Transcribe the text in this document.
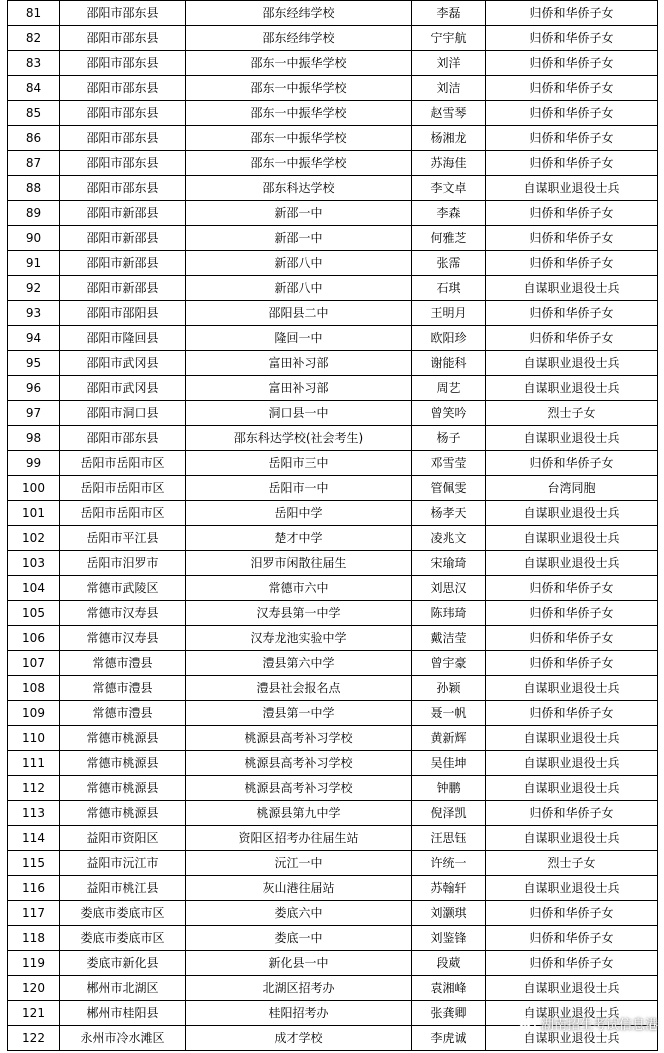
81	邵阳市邵东县	邵东经纬学校	李磊	归侨和华侨子女
82	邵阳市邵东县	邵东经纬学校	宁宇航	归侨和华侨子女
83	邵阳市邵东县	邵东一中振华学校	刘洋	归侨和华侨子女
84	邵阳市邵东县	邵东一中振华学校	刘洁	归侨和华侨子女
85	邵阳市邵东县	邵东一中振华学校	赵雪琴	归侨和华侨子女
86	邵阳市邵东县	邵东一中振华学校	杨湘龙	归侨和华侨子女
87	邵阳市邵东县	邵东一中振华学校	苏海佳	归侨和华侨子女
88	邵阳市邵东县	邵东科达学校	李文卓	自谋职业退役士兵
89	邵阳市新邵县	新邵一中	李森	归侨和华侨子女
90	邵阳市新邵县	新邵一中	何雅芝	归侨和华侨子女
91	邵阳市新邵县	新邵八中	张霈	归侨和华侨子女
92	邵阳市新邵县	新邵八中	石琪	自谋职业退役士兵
93	邵阳市邵阳县	邵阳县二中	王明月	归侨和华侨子女
94	邵阳市隆回县	隆回一中	欧阳珍	归侨和华侨子女
95	邵阳市武冈县	富田补习部	谢能科	自谋职业退役士兵
96	邵阳市武冈县	富田补习部	周艺	自谋职业退役士兵
97	邵阳市洞口县	洞口县一中	曾笑吟	烈士子女
98	邵阳市邵东县	邵东科达学校(社会考生)	杨子	自谋职业退役士兵
99	岳阳市岳阳市区	岳阳市三中	邓雪莹	归侨和华侨子女
100	岳阳市岳阳市区	岳阳市一中	管佩雯	台湾同胞
101	岳阳市岳阳市区	岳阳中学	杨孝天	自谋职业退役士兵
102	岳阳市平江县	楚才中学	凌兆文	自谋职业退役士兵
103	岳阳市汨罗市	汨罗市闲散往届生	宋瑜琦	自谋职业退役士兵
104	常德市武陵区	常德市六中	刘思汉	归侨和华侨子女
105	常德市汉寿县	汉寿县第一中学	陈玮琦	归侨和华侨子女
106	常德市汉寿县	汉寿龙池实验中学	戴洁莹	归侨和华侨子女
107	常德市澧县	澧县第六中学	曾宇豪	归侨和华侨子女
108	常德市澧县	澧县社会报名点	孙颖	自谋职业退役士兵
109	常德市澧县	澧县第一中学	聂一帆	归侨和华侨子女
110	常德市桃源县	桃源县高考补习学校	黄新辉	自谋职业退役士兵
111	常德市桃源县	桃源县高考补习学校	吴佳坤	自谋职业退役士兵
112	常德市桃源县	桃源县高考补习学校	钟鹏	自谋职业退役士兵
113	常德市桃源县	桃源县第九中学	倪泽凯	归侨和华侨子女
114	益阳市资阳区	资阳区招考办往届生站	汪思钰	自谋职业退役士兵
115	益阳市沅江市	沅江一中	许统一	烈士子女
116	益阳市桃江县	灰山港往届站	苏翰轩	自谋职业退役士兵
117	娄底市娄底市区	娄底六中	刘灏琪	归侨和华侨子女
118	娄底市娄底市区	娄底一中	刘鉴锋	归侨和华侨子女
119	娄底市新化县	新化县一中	段葳	归侨和华侨子女
120	郴州市北湖区	北湖区招考办	袁湘峰	自谋职业退役士兵
121	郴州市桂阳县	桂阳招考办	张龚卿	自谋职业退役士兵
122	永州市冷水滩区	成才学校	李虎诚	自谋职业退役士兵
湖南招生考试信息港
